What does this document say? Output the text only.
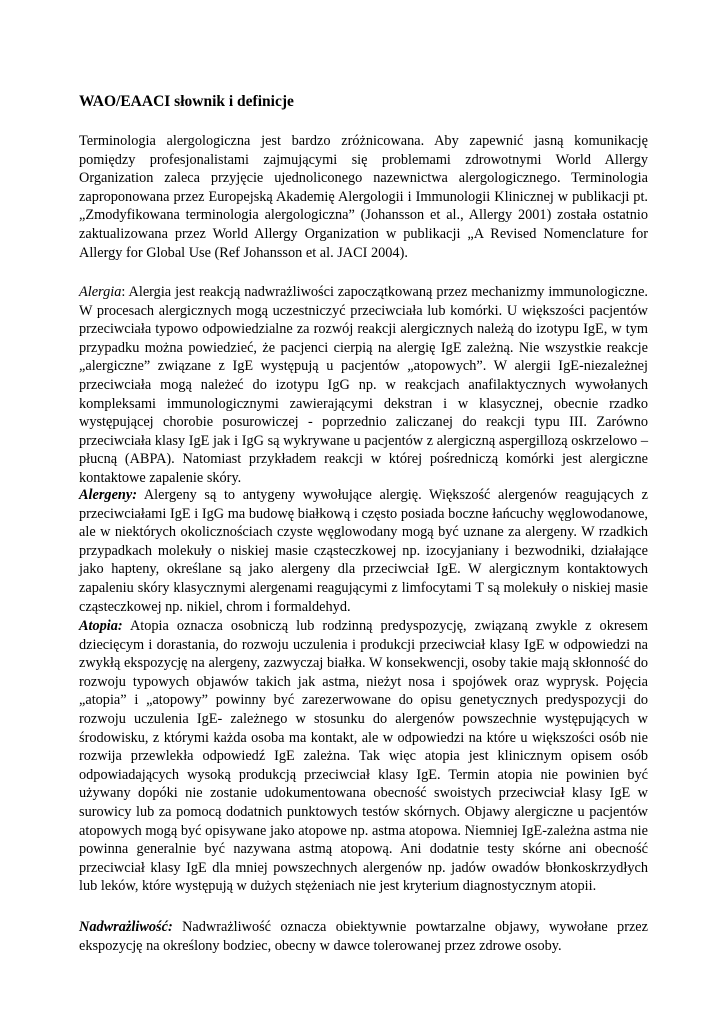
WAO/EAACI słownik i definicje

Terminologia alergologiczna jest bardzo zróżnicowana. Aby zapewnić jasną komunikację pomiędzy profesjonalistami zajmującymi się problemami zdrowotnymi World Allergy Organization zaleca przyjęcie ujednoliconego nazewnictwa alergologicznego. Terminologia zaproponowana przez Europejską Akademię Alergologii i Immunologii Klinicznej w publikacji pt. „Zmodyfikowana terminologia alergologiczna” (Johansson et al., Allergy 2001) została ostatnio zaktualizowana przez World Allergy Organization w publikacji „A Revised Nomenclature for Allergy for Global Use (Ref Johansson et al. JACI 2004).

Alergia: Alergia jest reakcją nadwrażliwości zapoczątkowaną przez mechanizmy immunologiczne. W procesach alergicznych mogą uczestniczyć przeciwciała lub komórki. U większości pacjentów przeciwciała typowo odpowiedzialne za rozwój reakcji alergicznych należą do izotypu IgE, w tym przypadku można powiedzieć, że pacjenci cierpią na alergię IgE zależną. Nie wszystkie reakcje „alergiczne” związane z IgE występują u pacjentów „atopowych”. W alergii IgE-niezależnej przeciwciała mogą należeć do izotypu IgG np. w reakcjach anafilaktycznych wywołanych kompleksami immunologicznymi zawierającymi dekstran i w klasycznej, obecnie rzadko występującej chorobie posurowiczej - poprzednio zaliczanej do reakcji typu III. Zarówno przeciwciała klasy IgE jak i IgG są wykrywane u pacjentów z alergiczną aspergillozą oskrzelowo – płucną (ABPA). Natomiast przykładem reakcji w której pośredniczą komórki jest alergiczne kontaktowe zapalenie skóry.

Alergeny: Alergeny są to antygeny wywołujące alergię. Większość alergenów reagujących z przeciwciałami IgE i IgG ma budowę białkową i często posiada boczne łańcuchy węglowodanowe, ale w niektórych okolicznościach czyste węglowodany mogą być uznane za alergeny. W rzadkich przypadkach molekuły o niskiej masie cząsteczkowej np. izocyjaniany i bezwodniki, działające jako hapteny, określane są jako alergeny dla przeciwciał IgE. W alergicznym kontaktowych zapaleniu skóry klasycznymi alergenami reagującymi z limfocytami T są molekuły o niskiej masie cząsteczkowej np. nikiel, chrom i formaldehyd.

Atopia: Atopia oznacza osobniczą lub rodzinną predyspozycję, związaną zwykle z okresem dziecięcym i dorastania, do rozwoju uczulenia i produkcji przeciwciał klasy IgE w odpowiedzi na zwykłą ekspozycję na alergeny, zazwyczaj białka. W konsekwencji, osoby takie mają skłonność do rozwoju typowych objawów takich jak astma, nieżyt nosa i spojówek oraz wyprysk. Pojęcia „atopia” i „atopowy” powinny być zarezerwowane do opisu genetycznych predyspozycji do rozwoju uczulenia IgE- zależnego w stosunku do alergenów powszechnie występujących w środowisku, z którymi każda osoba ma kontakt, ale w odpowiedzi na które u większości osób nie rozwija przewlekła odpowiedź IgE zależna. Tak więc atopia jest klinicznym opisem osób odpowiadających wysoką produkcją przeciwciał klasy IgE. Termin atopia nie powinien być używany dopóki nie zostanie udokumentowana obecność swoistych przeciwciał klasy IgE w surowicy lub za pomocą dodatnich punktowych testów skórnych. Objawy alergiczne u pacjentów atopowych mogą być opisywane jako atopowe np. astma atopowa. Niemniej IgE-zależna astma nie powinna generalnie być nazywana astmą atopową. Ani dodatnie testy skórne ani obecność przeciwciał klasy IgE dla mniej powszechnych alergenów np. jadów owadów błonkoskrzydłych lub leków, które występują w dużych stężeniach nie jest kryterium diagnostycznym atopii.

Nadwrażliwość: Nadwrażliwość oznacza obiektywnie powtarzalne objawy, wywołane przez ekspozycję na określony bodziec, obecny w dawce tolerowanej przez zdrowe osoby.
